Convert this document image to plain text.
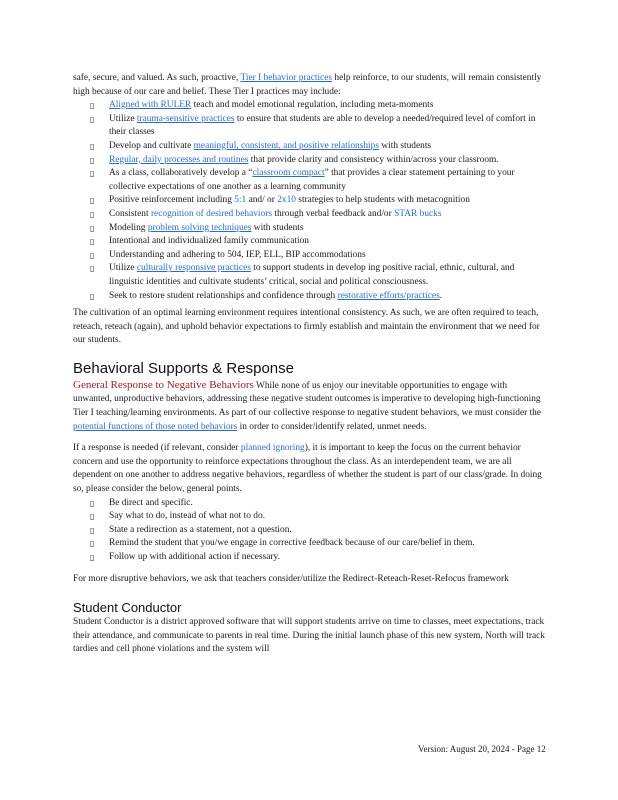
safe, secure, and valued. As such, proactive, Tier I behavior practices help reinforce, to our students, will remain consistently high because of our care and belief. These Tier I practices may include:

▯ Aligned with RULER teach and model emotional regulation, including meta-moments
▯ Utilize trauma-sensitive practices to ensure that students are able to develop a needed/required level of comfort in their classes
▯ Develop and cultivate meaningful, consistent, and positive relationships with students
▯ Regular, daily processes and routines that provide clarity and consistency within/across your classroom.
▯ As a class, collaboratively develop a “classroom compact” that provides a clear statement pertaining to your collective expectations of one another as a learning community
▯ Positive reinforcement including 5:1 and/ or 2x10 strategies to help students with metacognition
▯ Consistent recognition of desired behaviors through verbal feedback and/or STAR bucks
▯ Modeling problem solving techniques with students
▯ Intentional and individualized family communication
▯ Understanding and adhering to 504, IEP, ELL, BIP accommodations
▯ Utilize culturally responsive practices to support students in develop ing positive racial, ethnic, cultural, and linguistic identities and cultivate students’ critical, social and political consciousness.
▯ Seek to restore student relationships and confidence through restorative efforts/practices.

The cultivation of an optimal learning environment requires intentional consistency. As such, we are often required to teach, reteach, reteach (again), and uphold behavior expectations to firmly establish and maintain the environment that we need for our students.

Behavioral Supports & Response

General Response to Negative Behaviors While none of us enjoy our inevitable opportunities to engage with unwanted, unproductive behaviors, addressing these negative student outcomes is imperative to developing high-functioning Tier I teaching/learning environments. As part of our collective response to negative student behaviors, we must consider the potential functions of those noted behaviors in order to consider/identify related, unmet needs.

If a response is needed (if relevant, consider planned ignoring), it is important to keep the focus on the current behavior concern and use the opportunity to reinforce expectations throughout the class. As an interdependent team, we are all dependent on one another to address negative behaviors, regardless of whether the student is part of our class/grade. In doing so, please consider the below, general points.

▯ Be direct and specific.
▯ Say what to do, instead of what not to do.
▯ State a redirection as a statement, not a question.
▯ Remind the student that you/we engage in corrective feedback because of our care/belief in them.
▯ Follow up with additional action if necessary.

For more disruptive behaviors, we ask that teachers consider/utilize the Redirect-Reteach-Reset-Refocus framework

Student Conductor

Student Conductor is a district approved software that will support students arrive on time to classes, meet expectations, track their attendance, and communicate to parents in real time. During the initial launch phase of this new system, North will track tardies and cell phone violations and the system will

Version: August 20, 2024 - Page 12
